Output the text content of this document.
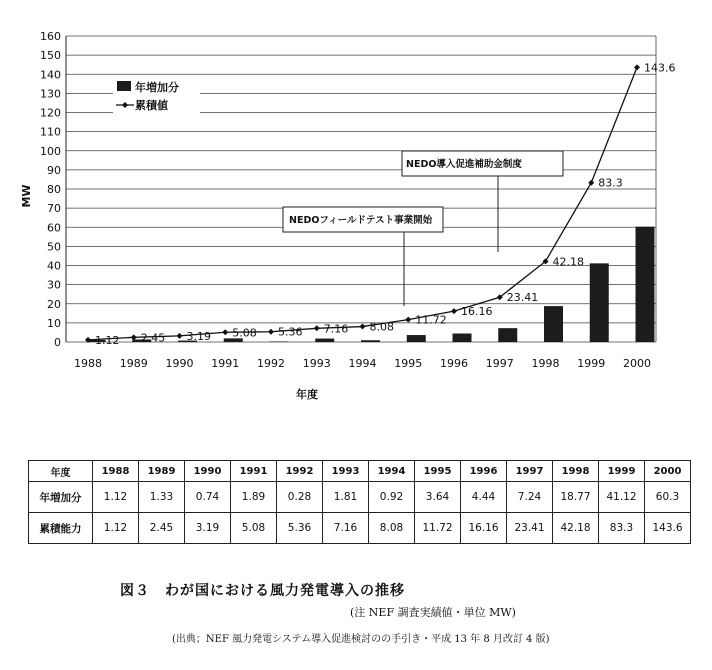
0
10
20
30
40
50
60
70
80
90
100
110
120
130
140
150
160
NEDOフィールドテスト事業開始
NEDO導入促進補助金制度
1.12 2.45 3.19 5.08 5.36 7.16 8.08
11.72
16.16
23.41
42.18
83.3
143.6
1988 1989 1990 1991 1992 1993 1994 1995 1996 1997 1998 1999 2000
年増加分
累積値
MW
年度
年度	1988	1989	1990	1991	1992	1993	1994	1995	1996	1997	1998	1999	2000
年増加分	1.12	1.33	0.74	1.89	0.28	1.81	0.92	3.64	4.44	7.24	18.77	41.12	60.3
累積能力	1.12	2.45	3.19	5.08	5.36	7.16	8.08	11.72	16.16	23.41	42.18	83.3	143.6
図３　わが国における風力発電導入の推移
(注 NEF 調査実績値・単位 MW)
(出典；NEF 風力発電システム導入促進検討のの手引き・平成 13 年 8 月改訂 4 版)
